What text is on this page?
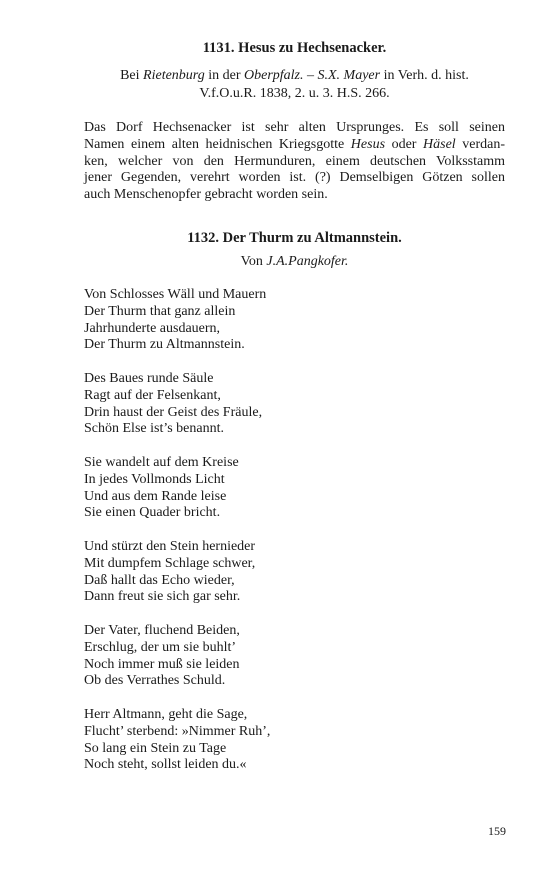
1131. Hesus zu Hechsenacker.
Bei Rietenburg in der Oberpfalz. – S.X. Mayer in Verh. d. hist.
V.f.O.u.R. 1838, 2. u. 3. H.S. 266.
Das Dorf Hechsenacker ist sehr alten Ursprunges. Es soll seinen
Namen einem alten heidnischen Kriegsgotte Hesus oder Häsel verdan-
ken, welcher von den Hermunduren, einem deutschen Volksstamm
jener Gegenden, verehrt worden ist. (?) Demselbigen Götzen sollen
auch Menschenopfer gebracht worden sein.
1132. Der Thurm zu Altmannstein.
Von J.A.Pangkofer.
Von Schlosses Wäll und Mauern
Der Thurm that ganz allein
Jahrhunderte ausdauern,
Der Thurm zu Altmannstein.
Des Baues runde Säule
Ragt auf der Felsenkant,
Drin haust der Geist des Fräule,
Schön Else ist’s benannt.
Sie wandelt auf dem Kreise
In jedes Vollmonds Licht
Und aus dem Rande leise
Sie einen Quader bricht.
Und stürzt den Stein hernieder
Mit dumpfem Schlage schwer,
Daß hallt das Echo wieder,
Dann freut sie sich gar sehr.
Der Vater, fluchend Beiden,
Erschlug, der um sie buhlt’
Noch immer muß sie leiden
Ob des Verrathes Schuld.
Herr Altmann, geht die Sage,
Flucht’ sterbend: »Nimmer Ruh’,
So lang ein Stein zu Tage
Noch steht, sollst leiden du.«
159
